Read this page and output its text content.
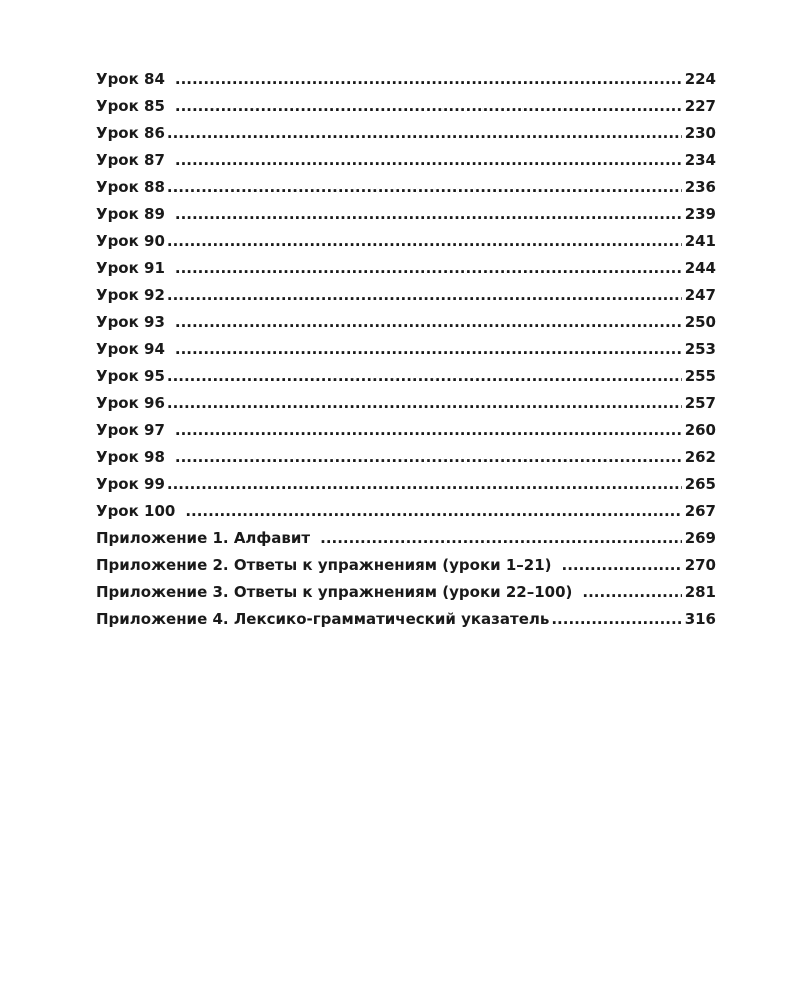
Урок 84 .....	224
Урок 85 .....	227
Урок 86 .....	230
Урок 87 .....	234
Урок 88 .....	236
Урок 89 .....	239
Урок 90 .....	241
Урок 91 .....	244
Урок 92 .....	247
Урок 93 .....	250
Урок 94 .....	253
Урок 95 .....	255
Урок 96 .....	257
Урок 97 .....	260
Урок 98 .....	262
Урок 99 .....	265
Урок 100 .....	267
Приложение 1. Алфавит .....	269
Приложение 2. Ответы к упражнениям (уроки 1–21) .....	270
Приложение 3. Ответы к упражнениям (уроки 22–100) .....	281
Приложение 4. Лексико-грамматический указатель .....	316
